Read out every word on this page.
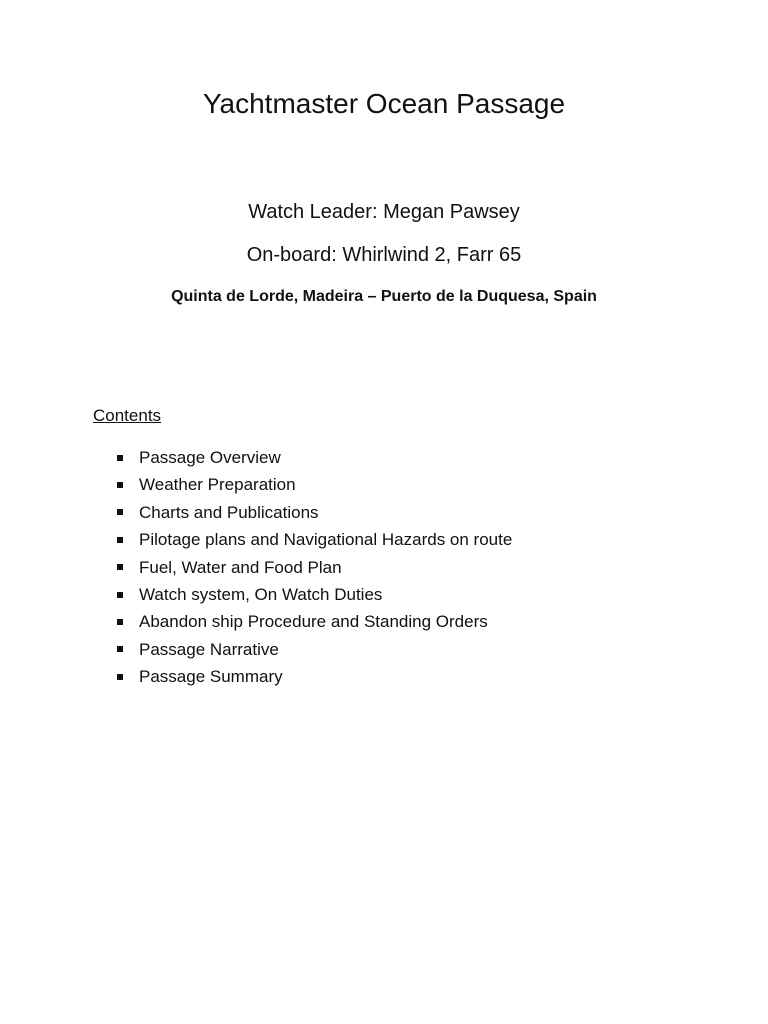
Yachtmaster Ocean Passage

Watch Leader: Megan Pawsey

On-board: Whirlwind 2, Farr 65

Quinta de Lorde, Madeira – Puerto de la Duquesa, Spain

Contents

Passage Overview
Weather Preparation
Charts and Publications
Pilotage plans and Navigational Hazards on route
Fuel, Water and Food Plan
Watch system, On Watch Duties
Abandon ship Procedure and Standing Orders
Passage Narrative
Passage Summary
